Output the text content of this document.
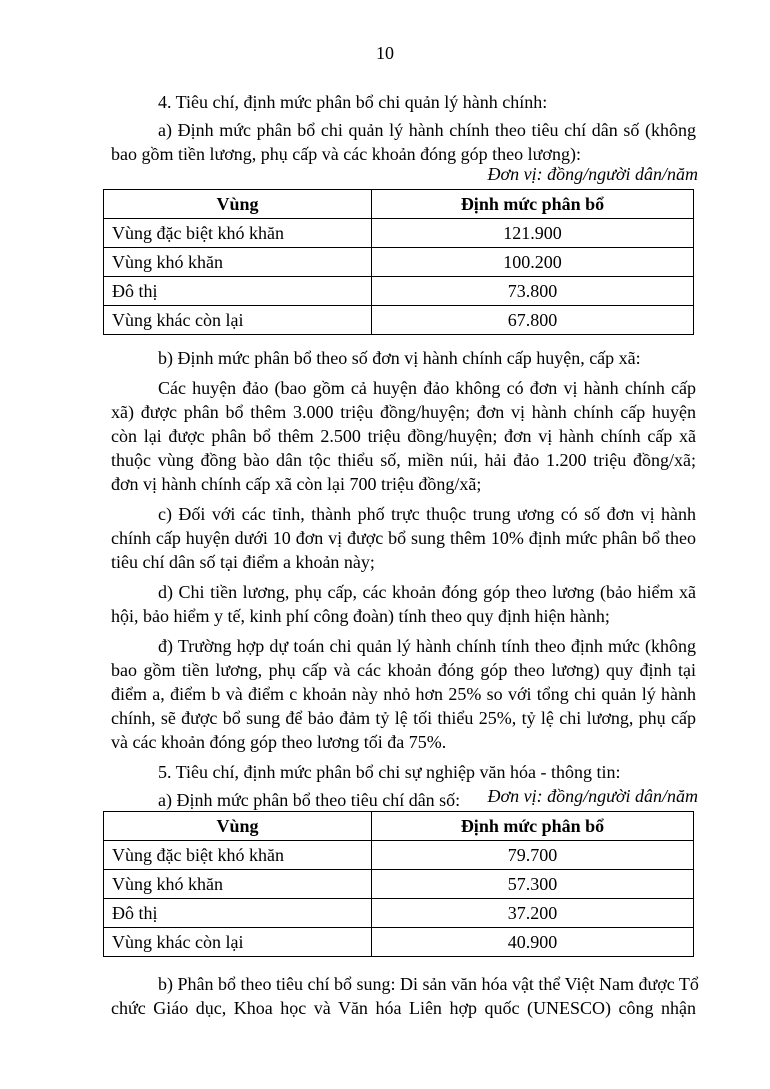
10
4. Tiêu chí, định mức phân bổ chi quản lý hành chính:
a) Định mức phân bổ chi quản lý hành chính theo tiêu chí dân số (không
bao gồm tiền lương, phụ cấp và các khoản đóng góp theo lương):
Đơn vị: đồng/người dân/năm
Vùng	Định mức phân bổ
Vùng đặc biệt khó khăn	121.900
Vùng khó khăn	100.200
Đô thị	73.800
Vùng khác còn lại	67.800
b) Định mức phân bổ theo số đơn vị hành chính cấp huyện, cấp xã:
Các huyện đảo (bao gồm cả huyện đảo không có đơn vị hành chính cấp
xã) được phân bổ thêm 3.000 triệu đồng/huyện; đơn vị hành chính cấp huyện
còn lại được phân bổ thêm 2.500 triệu đồng/huyện; đơn vị hành chính cấp xã
thuộc vùng đồng bào dân tộc thiểu số, miền núi, hải đảo 1.200 triệu đồng/xã;
đơn vị hành chính cấp xã còn lại 700 triệu đồng/xã;
c) Đối với các tỉnh, thành phố trực thuộc trung ương có số đơn vị hành
chính cấp huyện dưới 10 đơn vị được bổ sung thêm 10% định mức phân bổ theo
tiêu chí dân số tại điểm a khoản này;
d) Chi tiền lương, phụ cấp, các khoản đóng góp theo lương (bảo hiểm xã
hội, bảo hiểm y tế, kinh phí công đoàn) tính theo quy định hiện hành;
đ) Trường hợp dự toán chi quản lý hành chính tính theo định mức (không
bao gồm tiền lương, phụ cấp và các khoản đóng góp theo lương) quy định tại
điểm a, điểm b và điểm c khoản này nhỏ hơn 25% so với tổng chi quản lý hành
chính, sẽ được bổ sung để bảo đảm tỷ lệ tối thiểu 25%, tỷ lệ chi lương, phụ cấp
và các khoản đóng góp theo lương tối đa 75%.
5. Tiêu chí, định mức phân bổ chi sự nghiệp văn hóa - thông tin:
a) Định mức phân bổ theo tiêu chí dân số: Đơn vị: đồng/người dân/năm
Vùng	Định mức phân bổ
Vùng đặc biệt khó khăn	79.700
Vùng khó khăn	57.300
Đô thị	37.200
Vùng khác còn lại	40.900
b) Phân bổ theo tiêu chí bổ sung: Di sản văn hóa vật thể Việt Nam được Tổ
chức Giáo dục, Khoa học và Văn hóa Liên hợp quốc (UNESCO) công nhận
